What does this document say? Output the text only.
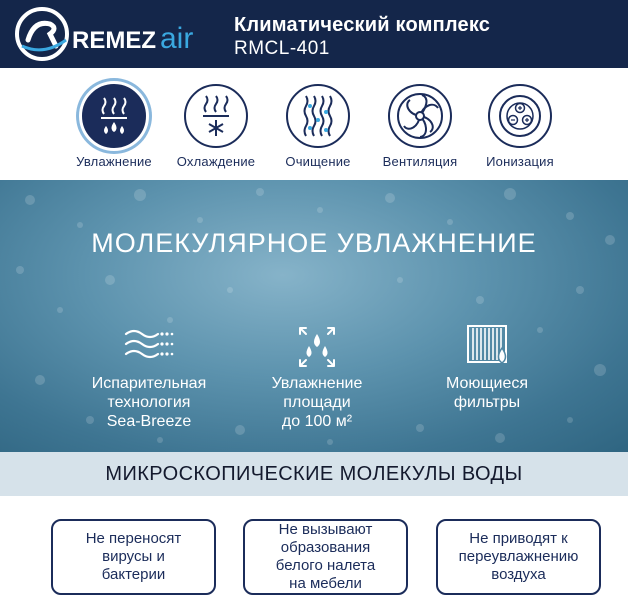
REMEZ air Климатический комплекс
RMCL-401
Увлажнение	Охлаждение	Очищение	Вентиляция	Ионизация
МОЛЕКУЛЯРНОЕ УВЛАЖНЕНИЕ
Испарительная
технология
Sea-Breeze
Увлажнение
площади
до 100 м²
Моющиеся
фильтры
МИКРОСКОПИЧЕСКИЕ МОЛЕКУЛЫ ВОДЫ
Не переносят
вирусы и
бактерии
Не вызывают
образования
белого налета
на мебели
Не приводят к
переувлажнению
воздуха
